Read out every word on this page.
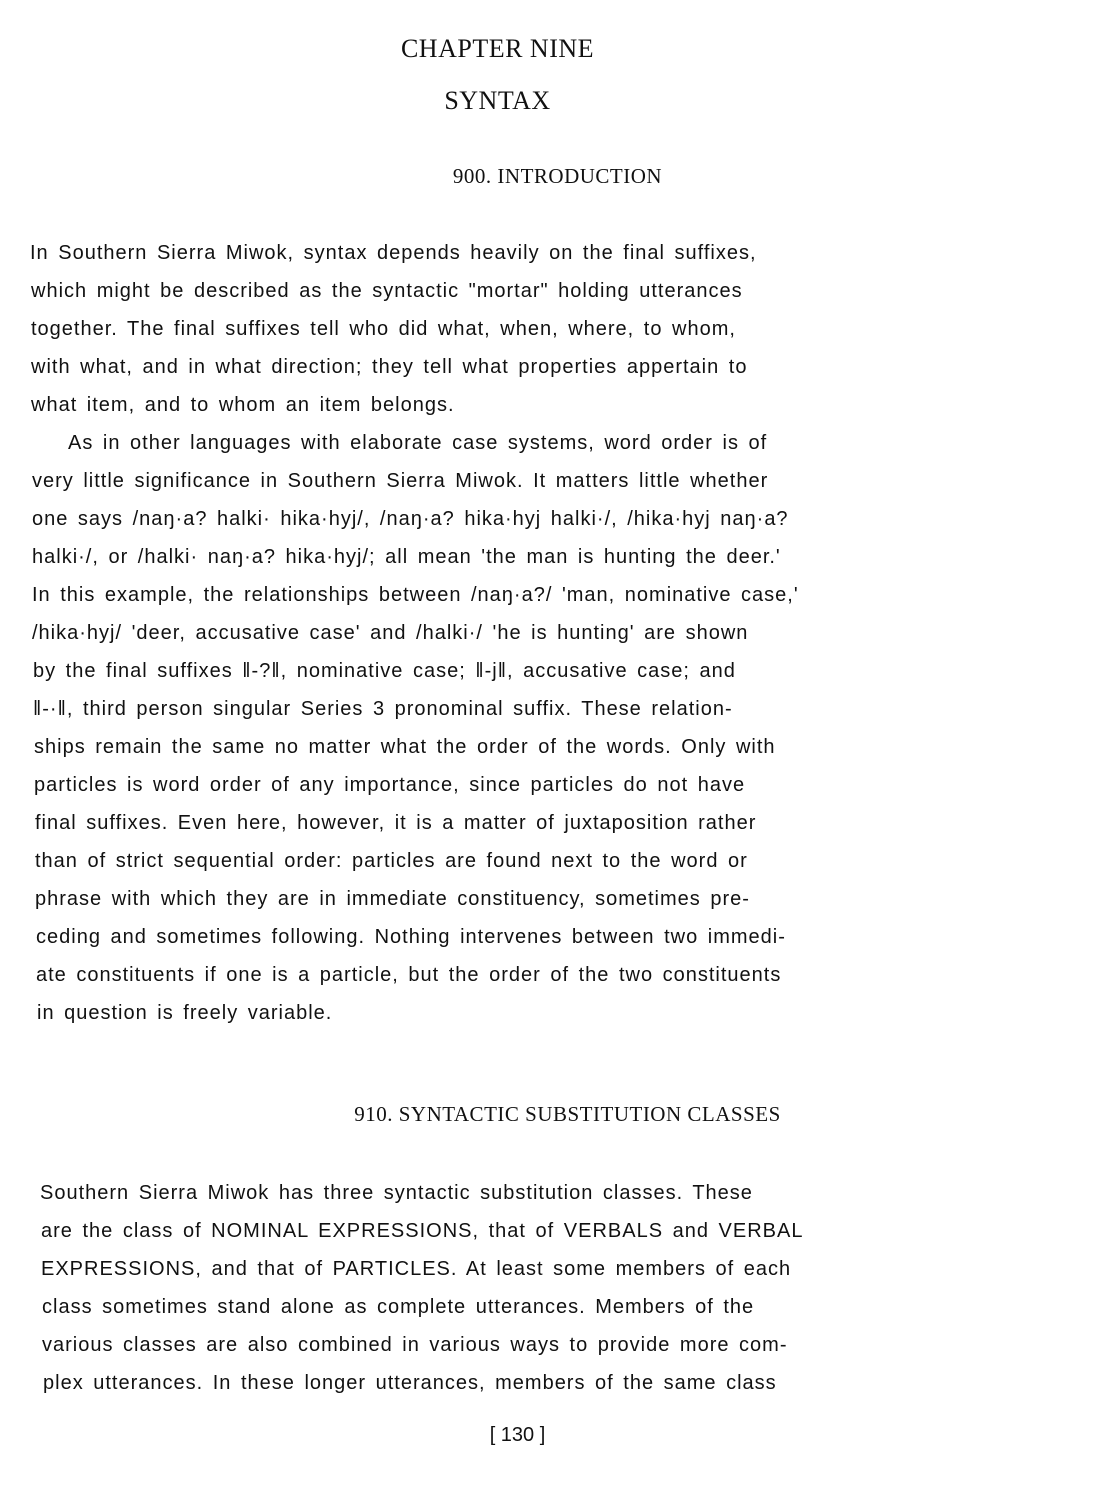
CHAPTER NINE
SYNTAX
900. INTRODUCTION
In Southern Sierra Miwok, syntax depends heavily on the final suffixes,
which might be described as the syntactic "mortar" holding utterances
together. The final suffixes tell who did what, when, where, to whom,
with what, and in what direction; they tell what properties appertain to
what item, and to whom an item belongs.
As in other languages with elaborate case systems, word order is of
very little significance in Southern Sierra Miwok. It matters little whether
one says /naŋ·a? halki· hika·hyj/, /naŋ·a? hika·hyj halki·/, /hika·hyj naŋ·a?
halki·/, or /halki· naŋ·a? hika·hyj/; all mean 'the man is hunting the deer.'
In this example, the relationships between /naŋ·a?/ 'man, nominative case,'
/hika·hyj/ 'deer, accusative case' and /halki·/ 'he is hunting' are shown
by the final suffixes ‖-?‖, nominative case; ‖-j‖, accusative case; and
‖-·‖, third person singular Series 3 pronominal suffix. These relation-
ships remain the same no matter what the order of the words. Only with
particles is word order of any importance, since particles do not have
final suffixes. Even here, however, it is a matter of juxtaposition rather
than of strict sequential order: particles are found next to the word or
phrase with which they are in immediate constituency, sometimes pre-
ceding and sometimes following. Nothing intervenes between two immedi-
ate constituents if one is a particle, but the order of the two constituents
in question is freely variable.
910. SYNTACTIC SUBSTITUTION CLASSES
Southern Sierra Miwok has three syntactic substitution classes. These
are the class of NOMINAL EXPRESSIONS, that of VERBALS and VERBAL
EXPRESSIONS, and that of PARTICLES. At least some members of each
class sometimes stand alone as complete utterances. Members of the
various classes are also combined in various ways to provide more com-
plex utterances. In these longer utterances, members of the same class
[ 130 ]
